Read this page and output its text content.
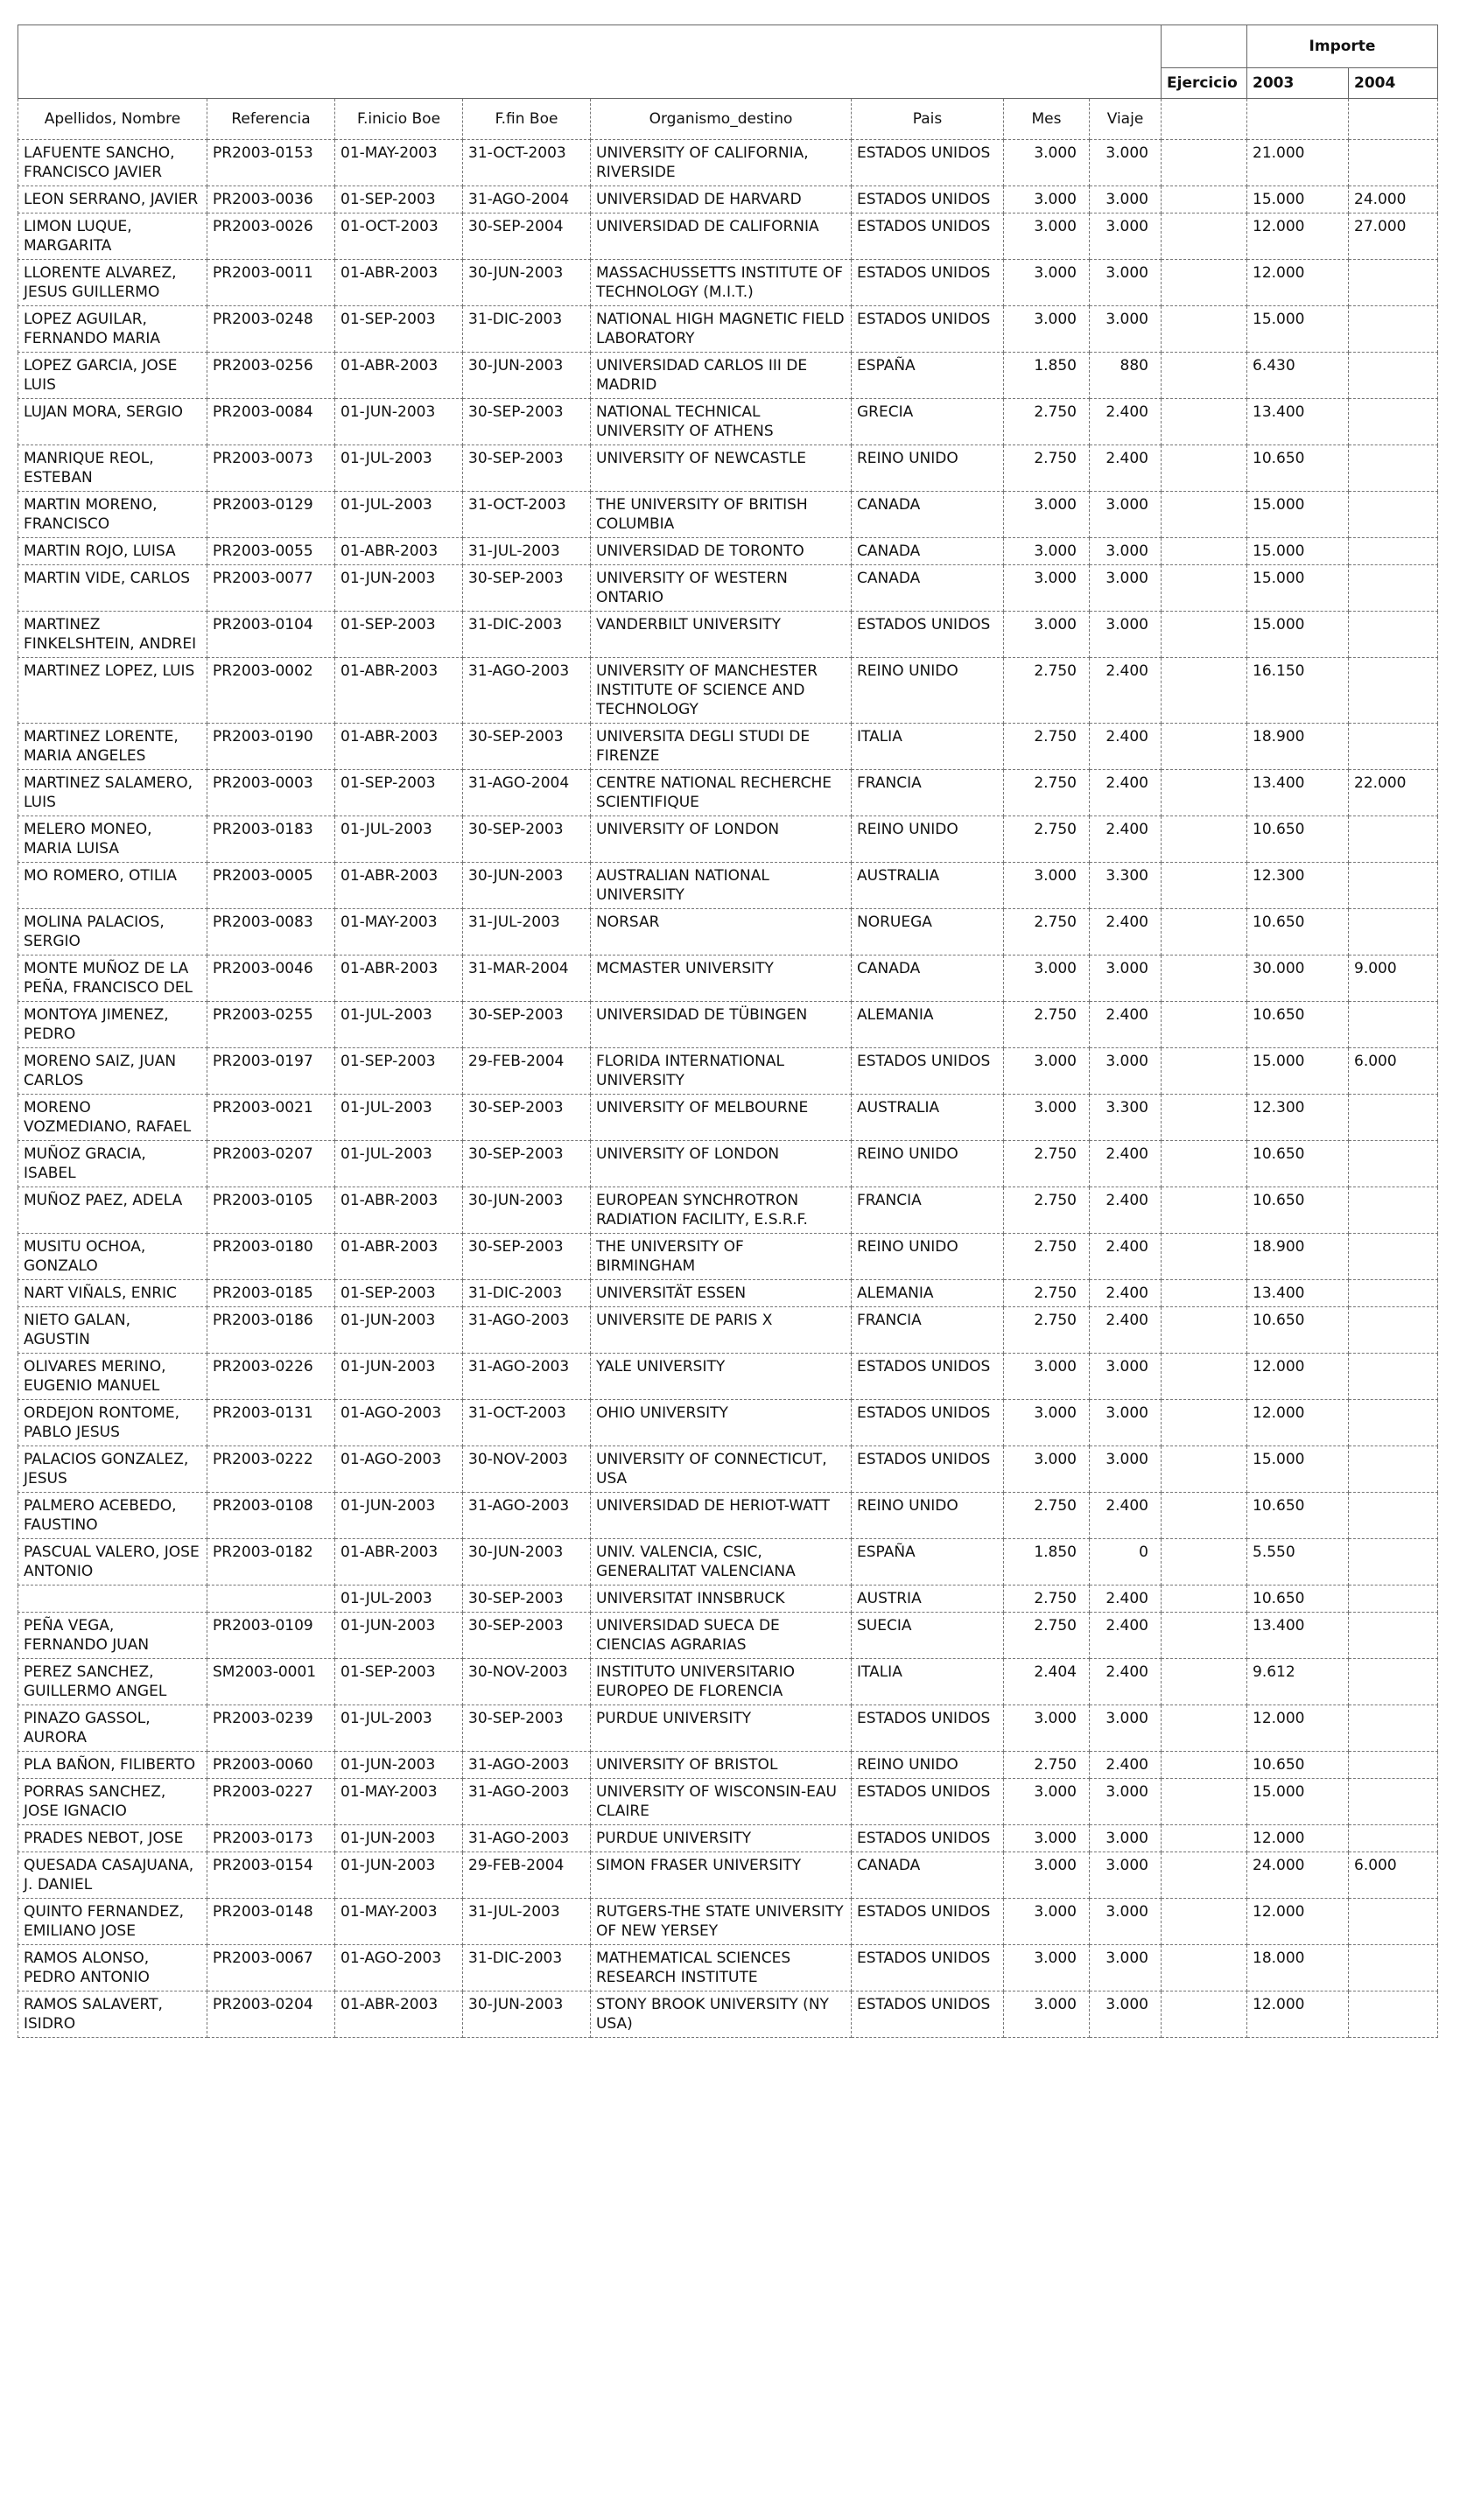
									Importe	
								Ejercicio	2003	2004
Apellidos, Nombre	Referencia	F.inicio Boe	F.fin Boe	Organismo_destino	Pais	Mes	Viaje			
LAFUENTE SANCHO, FRANCISCO JAVIER	PR2003-0153	01-MAY-2003	31-OCT-2003	UNIVERSITY OF CALIFORNIA, RIVERSIDE	ESTADOS UNIDOS	3.000	3.000		21.000	
LEON SERRANO, JAVIER	PR2003-0036	01-SEP-2003	31-AGO-2004	UNIVERSIDAD DE HARVARD	ESTADOS UNIDOS	3.000	3.000		15.000	24.000
LIMON LUQUE, MARGARITA	PR2003-0026	01-OCT-2003	30-SEP-2004	UNIVERSIDAD DE CALIFORNIA	ESTADOS UNIDOS	3.000	3.000		12.000	27.000
LLORENTE ALVAREZ, JESUS GUILLERMO	PR2003-0011	01-ABR-2003	30-JUN-2003	MASSACHUSSETTS INSTITUTE OF TECHNOLOGY (M.I.T.)	ESTADOS UNIDOS	3.000	3.000		12.000	
LOPEZ AGUILAR, FERNANDO MARIA	PR2003-0248	01-SEP-2003	31-DIC-2003	NATIONAL HIGH MAGNETIC FIELD LABORATORY	ESTADOS UNIDOS	3.000	3.000		15.000	
LOPEZ GARCIA, JOSE LUIS	PR2003-0256	01-ABR-2003	30-JUN-2003	UNIVERSIDAD CARLOS III DE MADRID	ESPAÑA	1.850	880		6.430	
LUJAN MORA, SERGIO	PR2003-0084	01-JUN-2003	30-SEP-2003	NATIONAL TECHNICAL UNIVERSITY OF ATHENS	GRECIA	2.750	2.400		13.400	
MANRIQUE REOL, ESTEBAN	PR2003-0073	01-JUL-2003	30-SEP-2003	UNIVERSITY OF NEWCASTLE	REINO UNIDO	2.750	2.400		10.650	
MARTIN MORENO, FRANCISCO	PR2003-0129	01-JUL-2003	31-OCT-2003	THE UNIVERSITY OF BRITISH COLUMBIA	CANADA	3.000	3.000		15.000	
MARTIN ROJO, LUISA	PR2003-0055	01-ABR-2003	31-JUL-2003	UNIVERSIDAD DE TORONTO	CANADA	3.000	3.000		15.000	
MARTIN VIDE, CARLOS	PR2003-0077	01-JUN-2003	30-SEP-2003	UNIVERSITY OF WESTERN ONTARIO	CANADA	3.000	3.000		15.000	
MARTINEZ FINKELSHTEIN, ANDREI	PR2003-0104	01-SEP-2003	31-DIC-2003	VANDERBILT UNIVERSITY	ESTADOS UNIDOS	3.000	3.000		15.000	
MARTINEZ LOPEZ, LUIS	PR2003-0002	01-ABR-2003	31-AGO-2003	UNIVERSITY OF MANCHESTER INSTITUTE OF SCIENCE AND TECHNOLOGY	REINO UNIDO	2.750	2.400		16.150	
MARTINEZ LORENTE, MARIA ANGELES	PR2003-0190	01-ABR-2003	30-SEP-2003	UNIVERSITA DEGLI STUDI DE FIRENZE	ITALIA	2.750	2.400		18.900	
MARTINEZ SALAMERO, LUIS	PR2003-0003	01-SEP-2003	31-AGO-2004	CENTRE NATIONAL RECHERCHE SCIENTIFIQUE	FRANCIA	2.750	2.400		13.400	22.000
MELERO MONEO, MARIA LUISA	PR2003-0183	01-JUL-2003	30-SEP-2003	UNIVERSITY OF LONDON	REINO UNIDO	2.750	2.400		10.650	
MO ROMERO, OTILIA	PR2003-0005	01-ABR-2003	30-JUN-2003	AUSTRALIAN NATIONAL UNIVERSITY	AUSTRALIA	3.000	3.300		12.300	
MOLINA PALACIOS, SERGIO	PR2003-0083	01-MAY-2003	31-JUL-2003	NORSAR	NORUEGA	2.750	2.400		10.650	
MONTE MUÑOZ DE LA PEÑA, FRANCISCO DEL	PR2003-0046	01-ABR-2003	31-MAR-2004	MCMASTER UNIVERSITY	CANADA	3.000	3.000		30.000	9.000
MONTOYA JIMENEZ, PEDRO	PR2003-0255	01-JUL-2003	30-SEP-2003	UNIVERSIDAD DE TÜBINGEN	ALEMANIA	2.750	2.400		10.650	
MORENO SAIZ, JUAN CARLOS	PR2003-0197	01-SEP-2003	29-FEB-2004	FLORIDA INTERNATIONAL UNIVERSITY	ESTADOS UNIDOS	3.000	3.000		15.000	6.000
MORENO VOZMEDIANO, RAFAEL	PR2003-0021	01-JUL-2003	30-SEP-2003	UNIVERSITY OF MELBOURNE	AUSTRALIA	3.000	3.300		12.300	
MUÑOZ GRACIA, ISABEL	PR2003-0207	01-JUL-2003	30-SEP-2003	UNIVERSITY OF LONDON	REINO UNIDO	2.750	2.400		10.650	
MUÑOZ PAEZ, ADELA	PR2003-0105	01-ABR-2003	30-JUN-2003	EUROPEAN SYNCHROTRON RADIATION FACILITY, E.S.R.F.	FRANCIA	2.750	2.400		10.650	
MUSITU OCHOA, GONZALO	PR2003-0180	01-ABR-2003	30-SEP-2003	THE UNIVERSITY OF BIRMINGHAM	REINO UNIDO	2.750	2.400		18.900	
NART VIÑALS, ENRIC	PR2003-0185	01-SEP-2003	31-DIC-2003	UNIVERSITÄT ESSEN	ALEMANIA	2.750	2.400		13.400	
NIETO GALAN, AGUSTIN	PR2003-0186	01-JUN-2003	31-AGO-2003	UNIVERSITE DE PARIS X	FRANCIA	2.750	2.400		10.650	
OLIVARES MERINO, EUGENIO MANUEL	PR2003-0226	01-JUN-2003	31-AGO-2003	YALE UNIVERSITY	ESTADOS UNIDOS	3.000	3.000		12.000	
ORDEJON RONTOME, PABLO JESUS	PR2003-0131	01-AGO-2003	31-OCT-2003	OHIO UNIVERSITY	ESTADOS UNIDOS	3.000	3.000		12.000	
PALACIOS GONZALEZ, JESUS	PR2003-0222	01-AGO-2003	30-NOV-2003	UNIVERSITY OF CONNECTICUT, USA	ESTADOS UNIDOS	3.000	3.000		15.000	
PALMERO ACEBEDO, FAUSTINO	PR2003-0108	01-JUN-2003	31-AGO-2003	UNIVERSIDAD DE HERIOT-WATT	REINO UNIDO	2.750	2.400		10.650	
PASCUAL VALERO, JOSE ANTONIO	PR2003-0182	01-ABR-2003	30-JUN-2003	UNIV. VALENCIA, CSIC, GENERALITAT VALENCIANA	ESPAÑA	1.850	0		5.550	
		01-JUL-2003	30-SEP-2003	UNIVERSITAT INNSBRUCK	AUSTRIA	2.750	2.400		10.650	
PEÑA VEGA, FERNANDO JUAN	PR2003-0109	01-JUN-2003	30-SEP-2003	UNIVERSIDAD SUECA DE CIENCIAS AGRARIAS	SUECIA	2.750	2.400		13.400	
PEREZ SANCHEZ, GUILLERMO ANGEL	SM2003-0001	01-SEP-2003	30-NOV-2003	INSTITUTO UNIVERSITARIO EUROPEO DE FLORENCIA	ITALIA	2.404	2.400		9.612	
PINAZO GASSOL, AURORA	PR2003-0239	01-JUL-2003	30-SEP-2003	PURDUE UNIVERSITY	ESTADOS UNIDOS	3.000	3.000		12.000	
PLA BAÑON, FILIBERTO	PR2003-0060	01-JUN-2003	31-AGO-2003	UNIVERSITY OF BRISTOL	REINO UNIDO	2.750	2.400		10.650	
PORRAS SANCHEZ, JOSE IGNACIO	PR2003-0227	01-MAY-2003	31-AGO-2003	UNIVERSITY OF WISCONSIN-EAU CLAIRE	ESTADOS UNIDOS	3.000	3.000		15.000	
PRADES NEBOT, JOSE	PR2003-0173	01-JUN-2003	31-AGO-2003	PURDUE UNIVERSITY	ESTADOS UNIDOS	3.000	3.000		12.000	
QUESADA CASAJUANA, J. DANIEL	PR2003-0154	01-JUN-2003	29-FEB-2004	SIMON FRASER UNIVERSITY	CANADA	3.000	3.000		24.000	6.000
QUINTO FERNANDEZ, EMILIANO JOSE	PR2003-0148	01-MAY-2003	31-JUL-2003	RUTGERS-THE STATE UNIVERSITY OF NEW YERSEY	ESTADOS UNIDOS	3.000	3.000		12.000	
RAMOS ALONSO, PEDRO ANTONIO	PR2003-0067	01-AGO-2003	31-DIC-2003	MATHEMATICAL SCIENCES RESEARCH INSTITUTE	ESTADOS UNIDOS	3.000	3.000		18.000	
RAMOS SALAVERT, ISIDRO	PR2003-0204	01-ABR-2003	30-JUN-2003	STONY BROOK UNIVERSITY (NY USA)	ESTADOS UNIDOS	3.000	3.000		12.000	
